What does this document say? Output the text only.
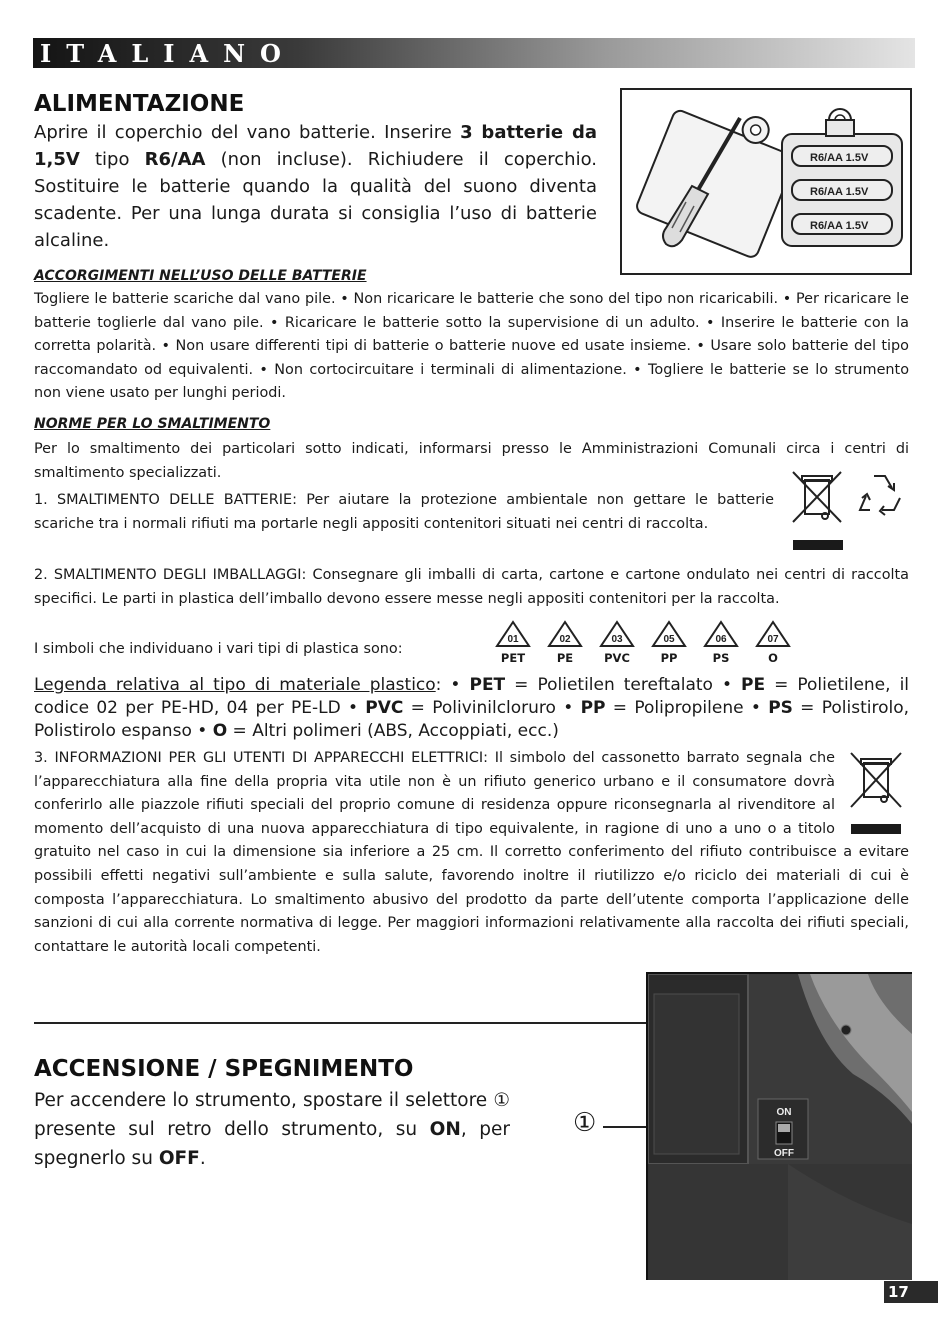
ITALIANO
ALIMENTAZIONE
Aprire il coperchio del vano batterie. Inserire 3 batterie da 1,5V tipo R6/AA (non incluse). Richiudere il coperchio. Sostituire le batterie quando la qualità del suono diventa scadente. Per una lunga durata si consiglia l’uso di batterie alcaline.
R6/AA 1.5V
R6/AA 1.5V
R6/AA 1.5V
ACCORGIMENTI NELL’USO DELLE BATTERIE
Togliere le batterie scariche dal vano pile. • Non ricaricare le batterie che sono del tipo non ricaricabili. • Per ricaricare le batterie toglierle dal vano pile. • Ricaricare le batterie sotto la supervisione di un adulto. • Inserire le batterie con la corretta polarità. • Non usare differenti tipi di batterie o batterie nuove ed usate insieme. • Usare solo batterie del tipo raccomandato od equivalenti. • Non cortocircuitare i terminali di alimentazione. • Togliere le batterie se lo strumento non viene usato per lunghi periodi.
NORME PER LO SMALTIMENTO
Per lo smaltimento dei particolari sotto indicati, informarsi presso le Amministrazioni Comunali circa i centri di smaltimento specializzati.
1. SMALTIMENTO DELLE BATTERIE: Per aiutare la protezione ambientale non gettare le batterie scariche tra i normali rifiuti ma portarle negli appositi contenitori situati nei centri di raccolta.
2. SMALTIMENTO DEGLI IMBALLAGGI: Consegnare gli imballi di carta, cartone e cartone ondulato nei centri di raccolta specifici. Le parti in plastica dell’imballo devono essere messe negli appositi contenitori per la raccolta.
I simboli che individuano i vari tipi di plastica sono:
01
PET
02
PE
03
PVC
05
PP
06
PS
07
O
Legenda relativa al tipo di materiale plastico: • PET = Polietilen tereftalato • PE = Polietilene, il codice 02 per PE-HD, 04 per PE-LD • PVC = Polivinilcloruro • PP = Polipropilene • PS = Polistirolo, Polistirolo espanso • O = Altri polimeri (ABS, Accoppiati, ecc.)
3. INFORMAZIONI PER GLI UTENTI DI APPARECCHI ELETTRICI: Il simbolo del cassonetto barrato segnala che l’apparecchiatura alla fine della propria vita utile non è un rifiuto generico urbano e il consumatore dovrà conferirlo alle piazzole rifiuti speciali del proprio comune di residenza oppure riconsegnarla al rivenditore al momento dell’acquisto di una nuova apparecchiatura di tipo equivalente, in ragione di uno a uno o a titolo gratuito nel caso in cui la dimensione sia inferiore a 25 cm. Il corretto conferimento del rifiuto contribuisce a evitare possibili effetti negativi sull’ambiente e sulla salute, favorendo inoltre il riutilizzo e/o riciclo dei materiali di cui è composta l’apparecchiatura. Lo smaltimento abusivo del prodotto da parte dell’utente comporta l’applicazione delle sanzioni di cui alla corrente normativa di legge. Per maggiori informazioni relativamente alla raccolta dei rifiuti speciali, contattare le autorità locali competenti.
ACCENSIONE / SPEGNIMENTO
Per accendere lo strumento, spostare il selettore ① presente sul retro dello strumento, su ON, per spegnerlo su OFF.
①	ON
OFF
17
